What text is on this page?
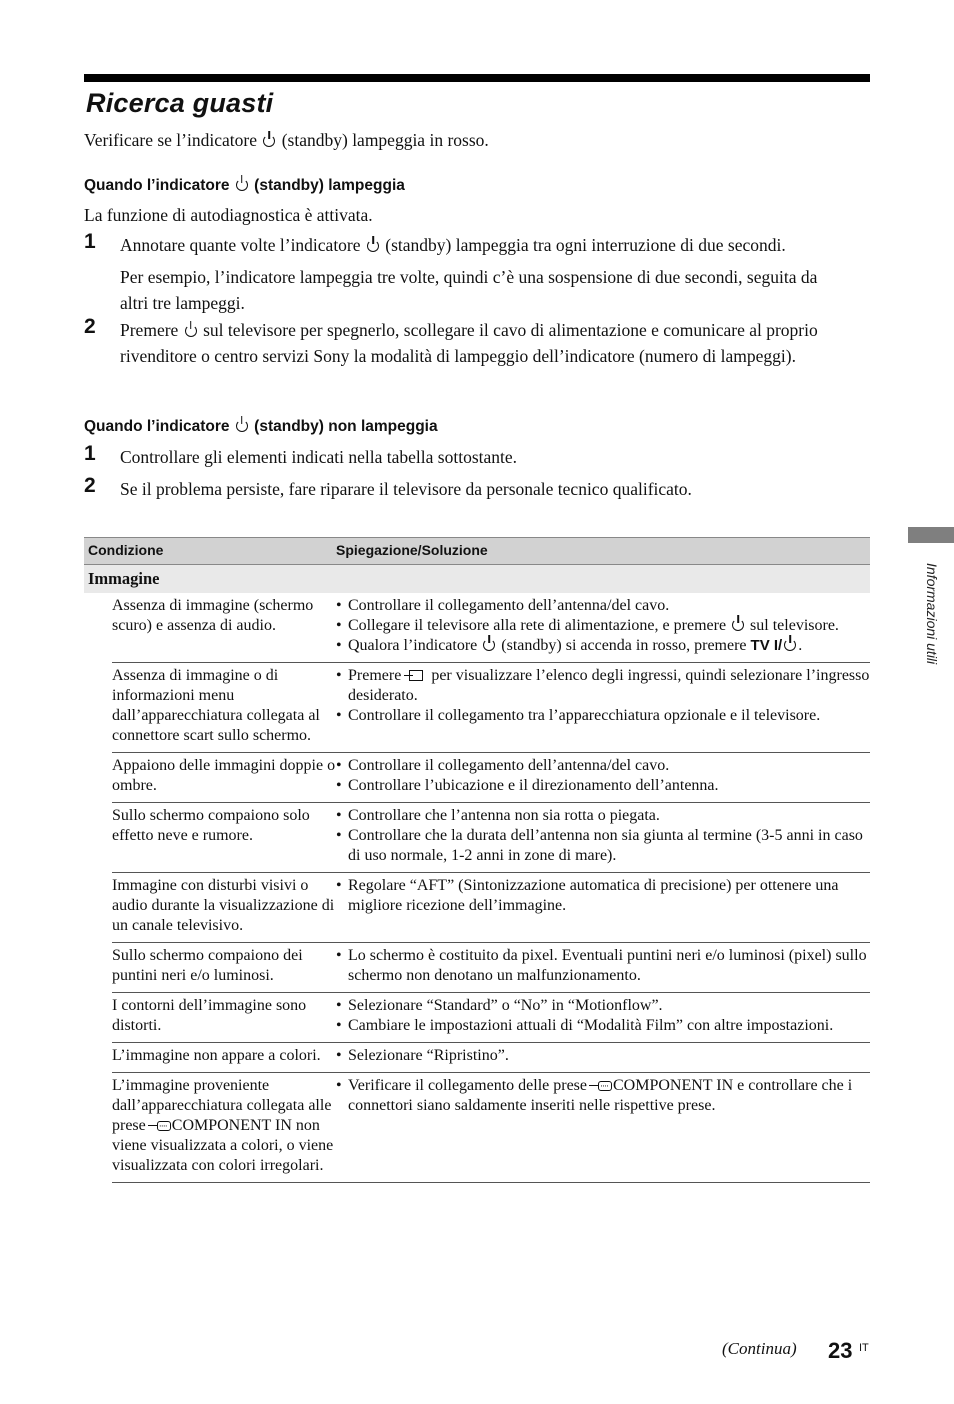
Ricerca guasti
Verificare se l’indicatore (standby) lampeggia in rosso.
Quando l’indicatore (standby) lampeggia
La funzione di autodiagnostica è attivata.
1 Annotare quante volte l’indicatore (standby) lampeggia tra ogni interruzione di due secondi.
Per esempio, l’indicatore lampeggia tre volte, quindi c’è una sospensione di due secondi, seguita da altri tre lampeggi.
2 Premere sul televisore per spegnerlo, scollegare il cavo di alimentazione e comunicare al proprio rivenditore o centro servizi Sony la modalità di lampeggio dell’indicatore (numero di lampeggi).
Quando l’indicatore (standby) non lampeggia
1 Controllare gli elementi indicati nella tabella sottostante.
2 Se il problema persiste, fare riparare il televisore da personale tecnico qualificato.
Condizione	Spiegazione/Soluzione
Immagine
Assenza di immagine (schermo scuro) e assenza di audio.
• Controllare il collegamento dell’antenna/del cavo.
• Collegare il televisore alla rete di alimentazione, e premere sul televisore.
• Qualora l’indicatore (standby) si accenda in rosso, premere TV I/ .
Assenza di immagine o di informazioni menu dall’apparecchiatura collegata al connettore scart sullo schermo.
• Premere per visualizzare l’elenco degli ingressi, quindi selezionare l’ingresso desiderato.
• Controllare il collegamento tra l’apparecchiatura opzionale e il televisore.
Appaiono delle immagini doppie o ombre.
• Controllare il collegamento dell’antenna/del cavo.
• Controllare l’ubicazione e il direzionamento dell’antenna.
Sullo schermo compaiono solo effetto neve e rumore.
• Controllare che l’antenna non sia rotta o piegata.
• Controllare che la durata dell’antenna non sia giunta al termine (3-5 anni in caso di uso normale, 1-2 anni in zone di mare).
Immagine con disturbi visivi o audio durante la visualizzazione di un canale televisivo.
• Regolare “AFT” (Sintonizzazione automatica di precisione) per ottenere una migliore ricezione dell’immagine.
Sullo schermo compaiono dei puntini neri e/o luminosi.
• Lo schermo è costituito da pixel. Eventuali puntini neri e/o luminosi (pixel) sullo schermo non denotano un malfunzionamento.
I contorni dell’immagine sono distorti.
• Selezionare “Standard” o “No” in “Motionflow”.
• Cambiare le impostazioni attuali di “Modalità Film” con altre impostazioni.
L’immagine non appare a colori.	• Selezionare “Ripristino”.
L’immagine proveniente dall’apparecchiatura collegata alle prese ···· COMPONENT IN non viene visualizzata a colori, o viene visualizzata con colori irregolari.
• Verificare il collegamento delle prese ···· COMPONENT IN e controllare che i connettori siano saldamente inseriti nelle rispettive prese.
Informazioni utili
(Continua) 23 IT
